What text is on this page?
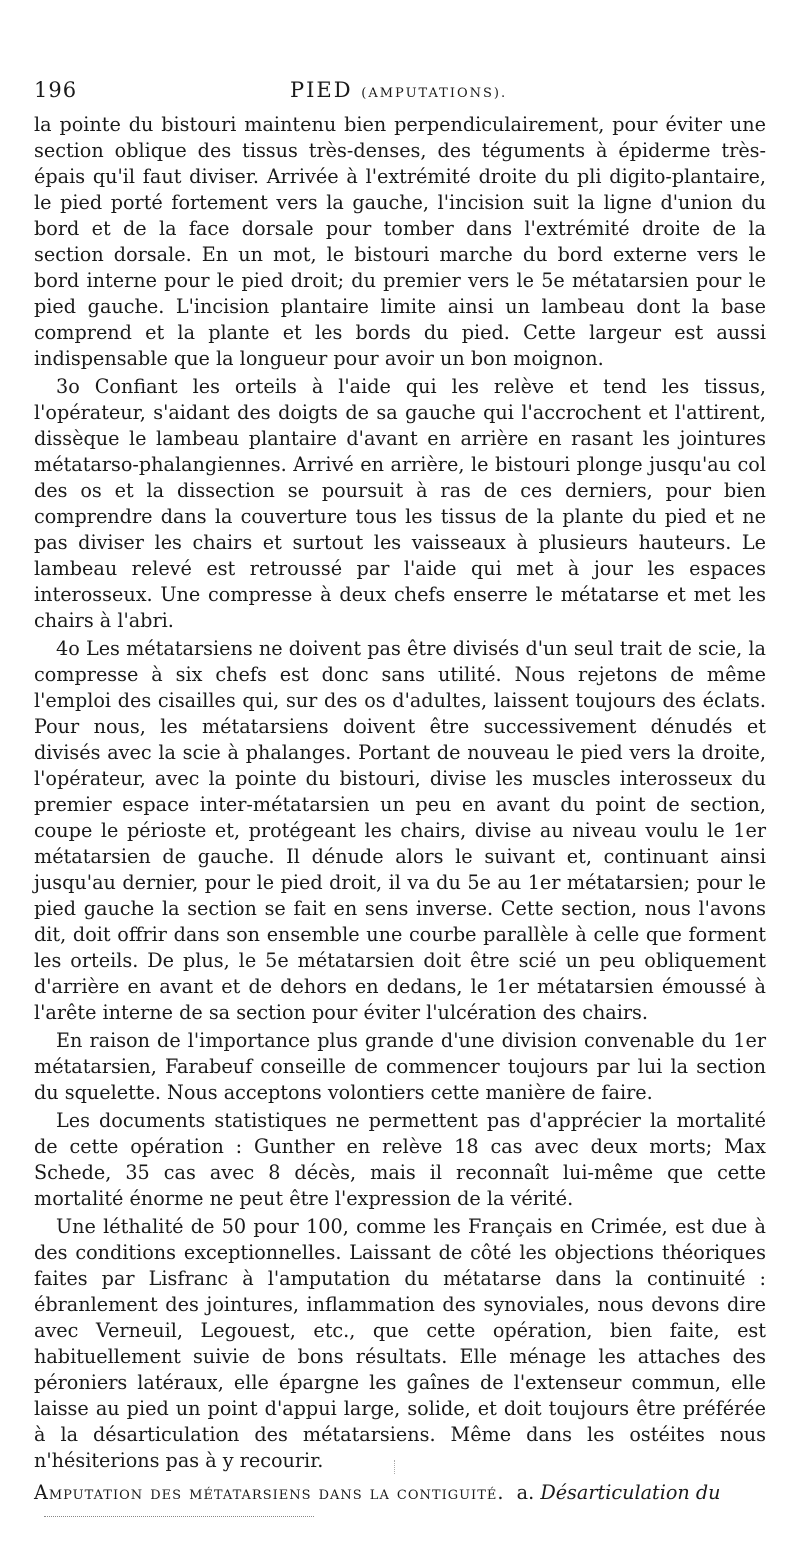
196	PIED (AMPUTATIONS).

la pointe du bistouri maintenu bien perpendiculairement, pour éviter une section oblique des tissus très-denses, des téguments à épiderme très-épais qu'il faut diviser. Arrivée à l'extrémité droite du pli digito-plantaire, le pied porté fortement vers la gauche, l'incision suit la ligne d'union du bord et de la face dorsale pour tomber dans l'extrémité droite de la section dorsale. En un mot, le bistouri marche du bord externe vers le bord interne pour le pied droit; du premier vers le 5e métatarsien pour le pied gauche. L'incision plantaire limite ainsi un lambeau dont la base comprend et la plante et les bords du pied. Cette largeur est aussi indispensable que la longueur pour avoir un bon moignon.

3o Confiant les orteils à l'aide qui les relève et tend les tissus, l'opérateur, s'aidant des doigts de sa gauche qui l'accrochent et l'attirent, dissèque le lambeau plantaire d'avant en arrière en rasant les jointures métatarso-phalangiennes. Arrivé en arrière, le bistouri plonge jusqu'au col des os et la dissection se poursuit à ras de ces derniers, pour bien comprendre dans la couverture tous les tissus de la plante du pied et ne pas diviser les chairs et surtout les vaisseaux à plusieurs hauteurs. Le lambeau relevé est retroussé par l'aide qui met à jour les espaces interosseux. Une compresse à deux chefs enserre le métatarse et met les chairs à l'abri.

4o Les métatarsiens ne doivent pas être divisés d'un seul trait de scie, la compresse à six chefs est donc sans utilité. Nous rejetons de même l'emploi des cisailles qui, sur des os d'adultes, laissent toujours des éclats. Pour nous, les métatarsiens doivent être successivement dénudés et divisés avec la scie à phalanges. Portant de nouveau le pied vers la droite, l'opérateur, avec la pointe du bistouri, divise les muscles interosseux du premier espace inter-métatarsien un peu en avant du point de section, coupe le périoste et, protégeant les chairs, divise au niveau voulu le 1er métatarsien de gauche. Il dénude alors le suivant et, continuant ainsi jusqu'au dernier, pour le pied droit, il va du 5e au 1er métatarsien; pour le pied gauche la section se fait en sens inverse. Cette section, nous l'avons dit, doit offrir dans son ensemble une courbe parallèle à celle que forment les orteils. De plus, le 5e métatarsien doit être scié un peu obliquement d'arrière en avant et de dehors en dedans, le 1er métatarsien émoussé à l'arête interne de sa section pour éviter l'ulcération des chairs.

En raison de l'importance plus grande d'une division convenable du 1er métatarsien, Farabeuf conseille de commencer toujours par lui la section du squelette. Nous acceptons volontiers cette manière de faire.

Les documents statistiques ne permettent pas d'apprécier la mortalité de cette opération : Gunther en relève 18 cas avec deux morts; Max Schede, 35 cas avec 8 décès, mais il reconnaît lui-même que cette mortalité énorme ne peut être l'expression de la vérité.

Une léthalité de 50 pour 100, comme les Français en Crimée, est due à des conditions exceptionnelles. Laissant de côté les objections théoriques faites par Lisfranc à l'amputation du métatarse dans la continuité : ébranlement des jointures, inflammation des synoviales, nous devons dire avec Verneuil, Legouest, etc., que cette opération, bien faite, est habituellement suivie de bons résultats. Elle ménage les attaches des péroniers latéraux, elle épargne les gaînes de l'extenseur commun, elle laisse au pied un point d'appui large, solide, et doit toujours être préférée à la désarticulation des métatarsiens. Même dans les ostéites nous n'hésiterions pas à y recourir.

Amputation des métatarsiens dans la contiguité. a. Désarticulation du
